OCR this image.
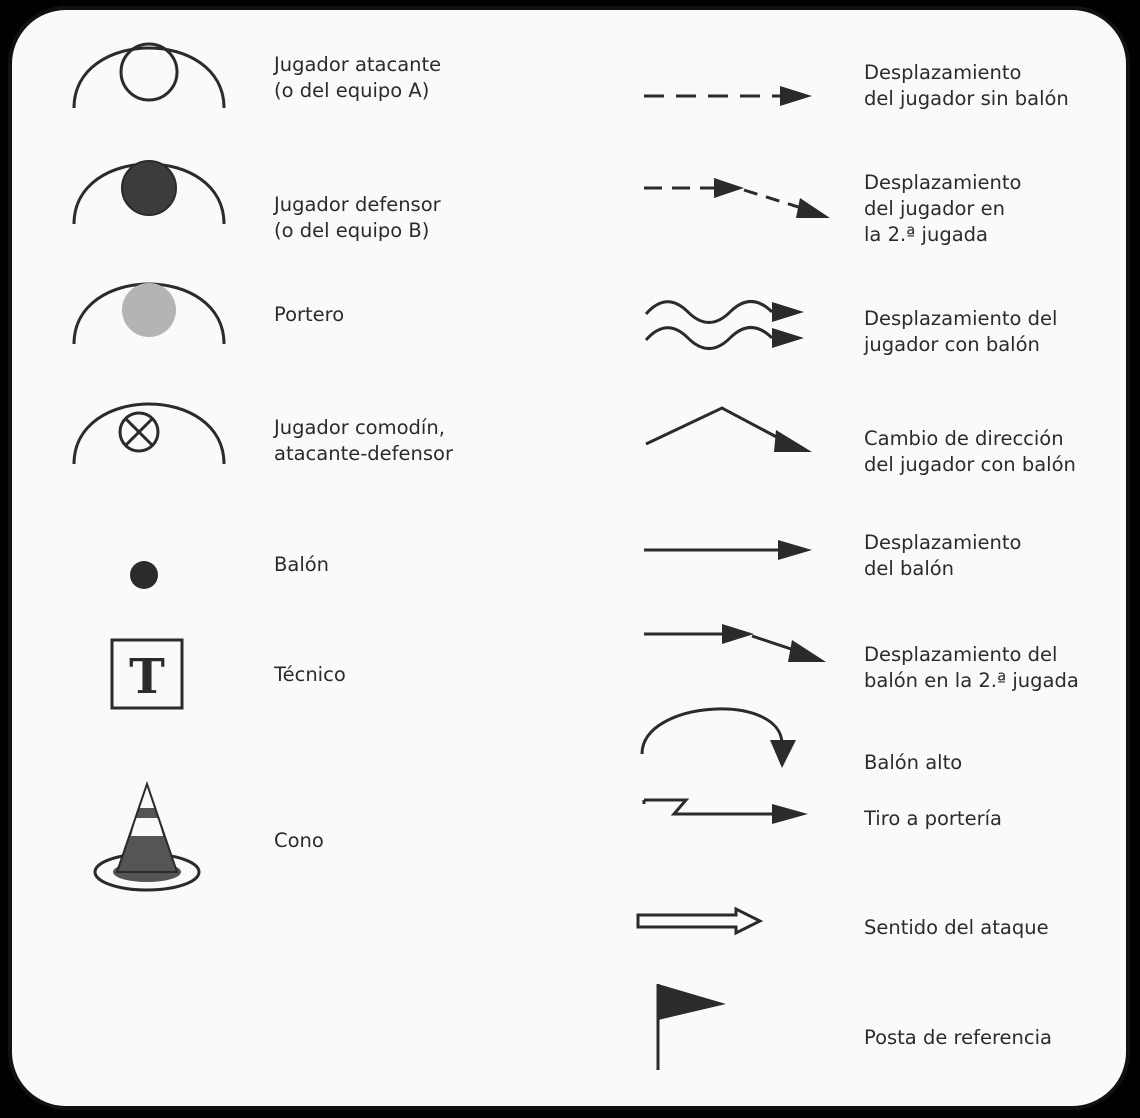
Jugador atacante
(o del equipo A)
Jugador defensor
(o del equipo B)
Portero
Jugador comodín,
atacante-defensor
Balón
T	Técnico
Cono
Desplazamiento
del jugador sin balón
Desplazamiento
del jugador en
la 2.ª jugada
Desplazamiento del
jugador con balón
Cambio de dirección
del jugador con balón
Desplazamiento
del balón
Desplazamiento del
balón en la 2.ª jugada
Balón alto
Tiro a portería
Sentido del ataque
Posta de referencia
